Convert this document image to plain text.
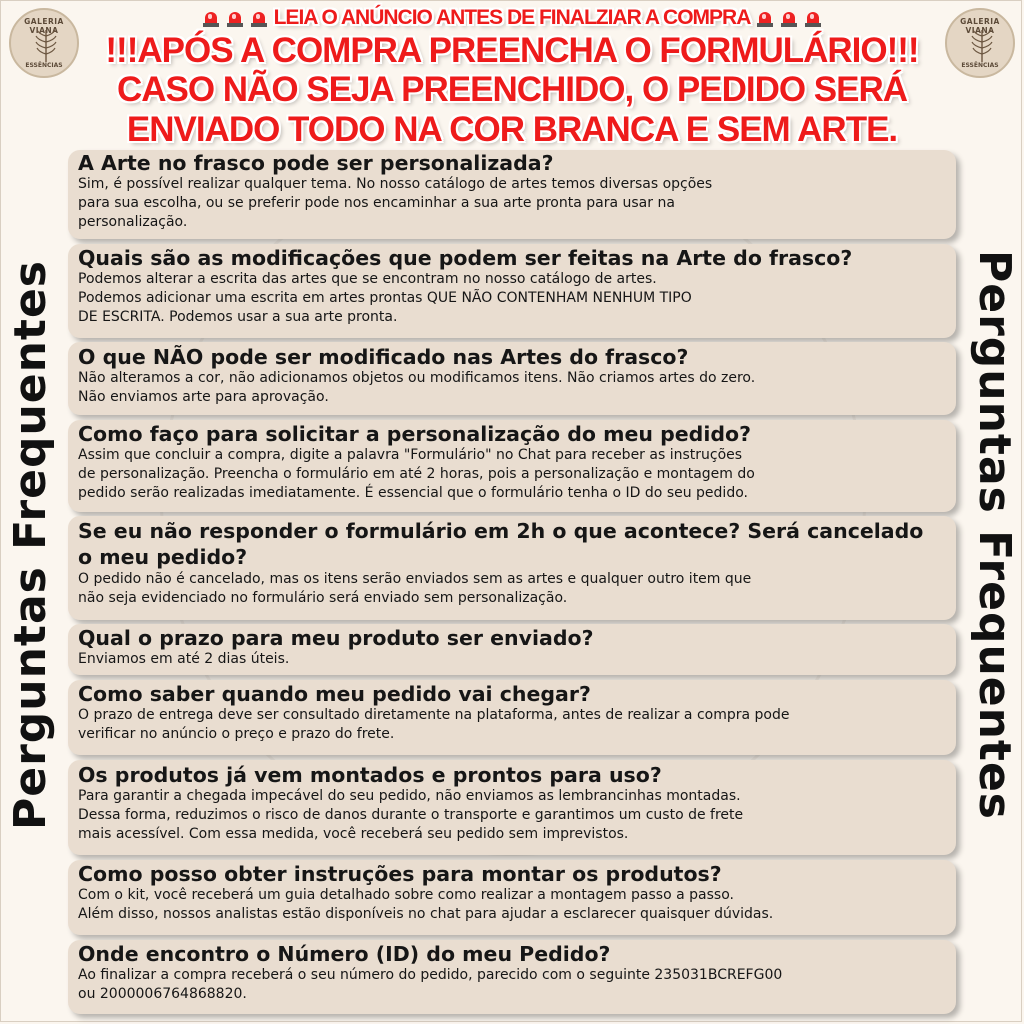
GALERIA VIANA
ESSÊNCIAS
GALERIA VIANA
ESSÊNCIAS
LEIA O ANÚNCIO ANTES DE FINALZIAR A COMPRA
!!!APÓS A COMPRA PREENCHA O FORMULÁRIO!!!
CASO NÃO SEJA PREENCHIDO, O PEDIDO SERÁ
ENVIADO TODO NA COR BRANCA E SEM ARTE.
Perguntas Frequentes	Perguntas Frequentes
A Arte no frasco pode ser personalizada?
Sim, é possível realizar qualquer tema. No nosso catálogo de artes temos diversas opções
para sua escolha, ou se preferir pode nos encaminhar a sua arte pronta para usar na
personalização.
Quais são as modificações que podem ser feitas na Arte do frasco?
Podemos alterar a escrita das artes que se encontram no nosso catálogo de artes.
Podemos adicionar uma escrita em artes prontas QUE NÃO CONTENHAM NENHUM TIPO
DE ESCRITA. Podemos usar a sua arte pronta.
O que NÃO pode ser modificado nas Artes do frasco?
Não alteramos a cor, não adicionamos objetos ou modificamos itens. Não criamos artes do zero.
Não enviamos arte para aprovação.
Como faço para solicitar a personalização do meu pedido?
Assim que concluir a compra, digite a palavra "Formulário" no Chat para receber as instruções
de personalização. Preencha o formulário em até 2 horas, pois a personalização e montagem do
pedido serão realizadas imediatamente. É essencial que o formulário tenha o ID do seu pedido.
Se eu não responder o formulário em 2h o que acontece? Será cancelado o meu pedido?
O pedido não é cancelado, mas os itens serão enviados sem as artes e qualquer outro item que
não seja evidenciado no formulário será enviado sem personalização.
Qual o prazo para meu produto ser enviado?
Enviamos em até 2 dias úteis.
Como saber quando meu pedido vai chegar?
O prazo de entrega deve ser consultado diretamente na plataforma, antes de realizar a compra pode
verificar no anúncio o preço e prazo do frete.
Os produtos já vem montados e prontos para uso?
Para garantir a chegada impecável do seu pedido, não enviamos as lembrancinhas montadas.
Dessa forma, reduzimos o risco de danos durante o transporte e garantimos um custo de frete
mais acessível. Com essa medida, você receberá seu pedido sem imprevistos.
Como posso obter instruções para montar os produtos?
Com o kit, você receberá um guia detalhado sobre como realizar a montagem passo a passo.
Além disso, nossos analistas estão disponíveis no chat para ajudar a esclarecer quaisquer dúvidas.
Onde encontro o Número (ID) do meu Pedido?
Ao finalizar a compra receberá o seu número do pedido, parecido com o seguinte 235031BCREFG00
ou 2000006764868820.
